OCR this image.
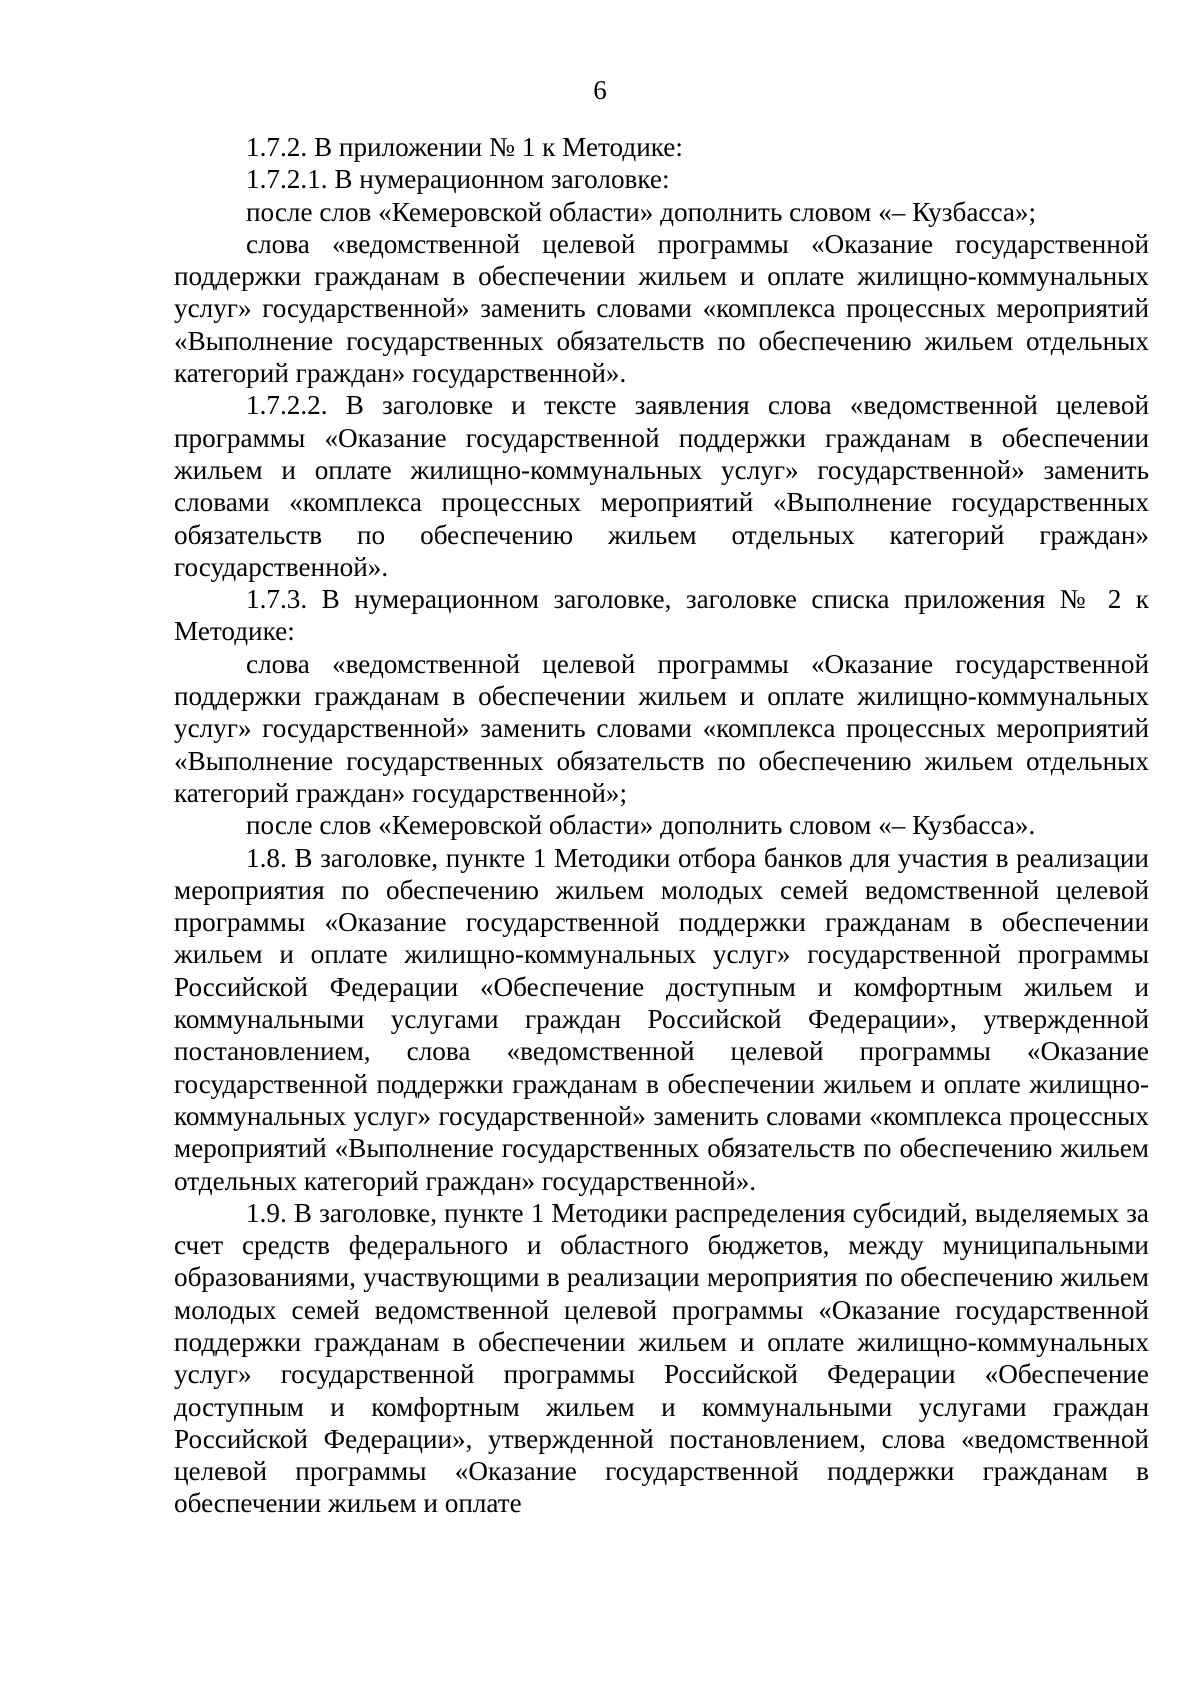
6

1.7.2. В приложении № 1 к Методике:

1.7.2.1. В нумерационном заголовке:

после слов «Кемеровской области» дополнить словом «– Кузбасса»;

слова «ведомственной целевой программы «Оказание государственной поддержки гражданам в обеспечении жильем и оплате жилищно-коммунальных услуг» государственной» заменить словами «комплекса процессных мероприятий «Выполнение государственных обязательств по обеспечению жильем отдельных категорий граждан» государственной».

1.7.2.2. В заголовке и тексте заявления слова «ведомственной целевой программы «Оказание государственной поддержки гражданам в обеспечении жильем и оплате жилищно-коммунальных услуг» государственной» заменить словами «комплекса процессных мероприятий «Выполнение государственных обязательств по обеспечению жильем отдельных категорий граждан» государственной».

1.7.3. В нумерационном заголовке, заголовке списка приложения № 2 к Методике:

слова «ведомственной целевой программы «Оказание государственной поддержки гражданам в обеспечении жильем и оплате жилищно-коммунальных услуг» государственной» заменить словами «комплекса процессных мероприятий «Выполнение государственных обязательств по обеспечению жильем отдельных категорий граждан» государственной»;

после слов «Кемеровской области» дополнить словом «– Кузбасса».

1.8. В заголовке, пункте 1 Методики отбора банков для участия в реализации мероприятия по обеспечению жильем молодых семей ведомственной целевой программы «Оказание государственной поддержки гражданам в обеспечении жильем и оплате жилищно-коммунальных услуг» государственной программы Российской Федерации «Обеспечение доступным и комфортным жильем и коммунальными услугами граждан Российской Федерации», утвержденной постановлением, слова «ведомственной целевой программы «Оказание государственной поддержки гражданам в обеспечении жильем и оплате жилищно-коммунальных услуг» государственной» заменить словами «комплекса процессных мероприятий «Выполнение государственных обязательств по обеспечению жильем отдельных категорий граждан» государственной».

1.9. В заголовке, пункте 1 Методики распределения субсидий, выделяемых за счет средств федерального и областного бюджетов, между муниципальными образованиями, участвующими в реализации мероприятия по обеспечению жильем молодых семей ведомственной целевой программы «Оказание государственной поддержки гражданам в обеспечении жильем и оплате жилищно-коммунальных услуг» государственной программы Российской Федерации «Обеспечение доступным и комфортным жильем и коммунальными услугами граждан Российской Федерации», утвержденной постановлением, слова «ведомственной целевой программы «Оказание государственной поддержки гражданам в обеспечении жильем и оплате
